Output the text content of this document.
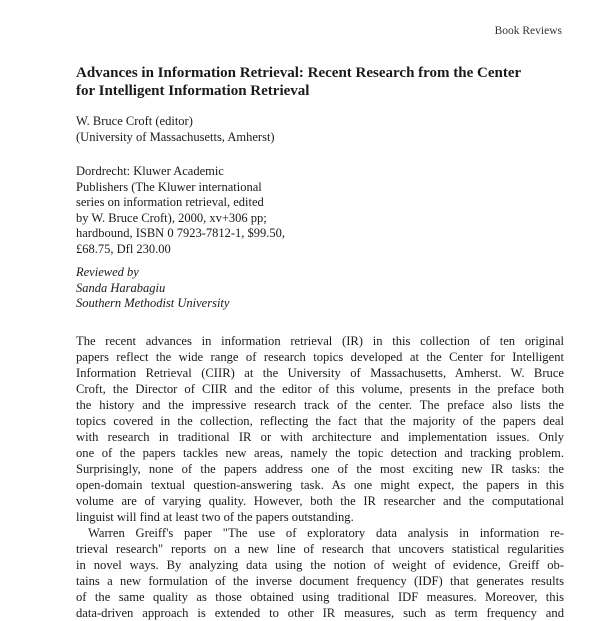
Book Reviews
Advances in Information Retrieval: Recent Research from the Center
for Intelligent Information Retrieval
W. Bruce Croft (editor)
(University of Massachusetts, Amherst)
Dordrecht: Kluwer Academic
Publishers (The Kluwer international
series on information retrieval, edited
by W. Bruce Croft), 2000, xv+306 pp;
hardbound, ISBN 0 7923-7812-1, $99.50,
£68.75, Dfl 230.00
Reviewed by
Sanda Harabagiu
Southern Methodist University
The recent advances in information retrieval (IR) in this collection of ten original
papers reflect the wide range of research topics developed at the Center for Intelligent
Information Retrieval (CIIR) at the University of Massachusetts, Amherst. W. Bruce
Croft, the Director of CIIR and the editor of this volume, presents in the preface both
the history and the impressive research track of the center. The preface also lists the
topics covered in the collection, reflecting the fact that the majority of the papers deal
with research in traditional IR or with architecture and implementation issues. Only
one of the papers tackles new areas, namely the topic detection and tracking problem.
Surprisingly, none of the papers address one of the most exciting new IR tasks: the
open-domain textual question-answering task. As one might expect, the papers in this
volume are of varying quality. However, both the IR researcher and the computational
linguist will find at least two of the papers outstanding.
Warren Greiff's paper "The use of exploratory data analysis in information re-
trieval research" reports on a new line of research that uncovers statistical regularities
in novel ways. By analyzing data using the notion of weight of evidence, Greiff ob-
tains a new formulation of the inverse document frequency (IDF) that generates results
of the same quality as those obtained using traditional IDF measures. Moreover, this
data-driven approach is extended to other IR measures, such as term frequency and
